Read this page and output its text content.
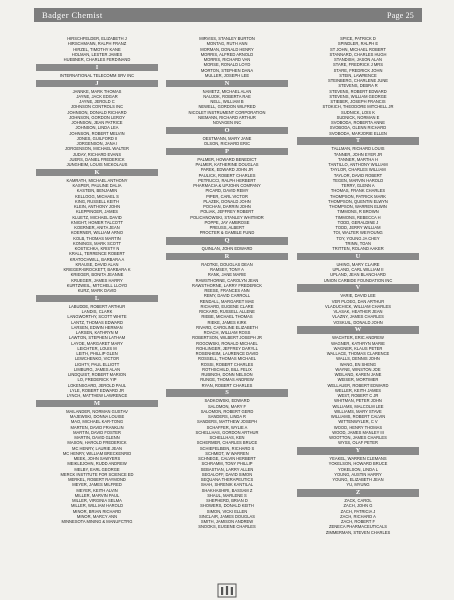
Badger Chemist	Page 25
HIRSCHFELDER, ELIZABETH J
HIRSCHMANN, RALPH FRANZ
HIRZEL, TIMOTHY KANE
HOLMAN, LESTER JAMES
HUEBNER, CHARLES FERDINAND
I
INTERNATIONAL TELECOMM SRV INC
J
JANNKE, MARK THOMAS
JAYNE, JACK EDGAR
JAYNE, JEROLD C
JOHNSON CONTROLS INC
JOHNSON, DONALD RICHARD
JOHNSON, GORDON LEROY
JOHNSON, JEAN PATRICE
JOHNSON, LINDA LEA
JOHNSON, ROBERT MELVIN
JONES, GUILFORD II
JORGENSON, JANA I
JORGENSON, MICHAEL WALTER
JUDAY, RICHARD EVANS
JUERS, DANIEL FREDERICK
JUNGHEIM, LOUIS NICKOLAUS
K
KAMRATH, MICHAEL ANTHONY
KASPER, PAULINE DALIA
KASTEIN, BENJAMIN
KELLOGG, MICHAEL S
KING, RUSSELL KEITH
KLEIN, ANTHONY JOHN
KLEPPINGER, JAMES
KLUETZ, MICHAEL DAVID
KNIGHT, HOMER TALCOTT
KOERNER, ANITA JEAN
KOERNER, WILLIAM ARNO
KOLB, THOMAS MARTIN
KONINGS, MARK SCOTT
KOSTICHKA, KRISTY N
KRALL, TERRENCE ROBERT
KRATOCHWILL, BARBARA A
KRAUSE, DAVID ALAN
KRIEGER-BROCKETT, BARBARA K
KRIEGER, BONITA JEANNE
KRUEGER, JAMES HARRY
KURTZWEIL, MITCHELL LLOYD
KURZ, MARK DAVID
L
LABUDDE, ROBERT ARTHUR
LANDIS, CLARK
LANGWORTHY, SCOTT WHITE
LANTZ, THOMAS EDWARD
LARSEN, EDWIN HERMAN
LARSEN, KATHRYN M
LAWTON, STEPHEN LATHAM
LAYOE, MARGARET MARY
LEICHTER, LOUIS M
LEITH, PHILLIP GLEN
LEWCHENKO, VICTOR
LIGHTY, PAUL ELLIOTT
LIMBURG, JAMES ALAN
LINDQUIST, ROBERT MARION
LO, FREDERICK YIP
LOKENSGARD, JEROLD PAUL
LYLE, ROBERT EDWARD JR
LYNCH, MATTHEW LAWRENCE
M
MAILANDER, NORMAN GUSTAV
MAJEWSKI, DONNA LOUISE
MAO, MICHAEL KAR-TONG
MARTEN, DAVID FRANKLIN
MARTIN, DAVID FOSTER
MARTIN, DAVID GLENN
MASON, HAROLD FREDERICK
MC HENRY, LAURIE JEAN
MC HENRY, WILLIAM BRECKENRID
MEEK, JOHN SAWYERS
MEIKLEJOHN, RUDD ANDREW
MELBY, EARL GEORGE
MERCK INSTITUTE FOR SCIENCE ED
MERKEL, ROBERT RAYMOND
MEYER, JAMES MILFRED
MEYER, KEITH ALVIN
MILLER, MARVIN PAUL
MILLER, VIRGINIA SELMA
MILLER, WILLIAM HAROLD
MINOR, BRIAN RICHARD
MINOR, MARCY ANN
MINNESOTA MINING & MANUFCTRG
MIRVISS, STANLEY BURTON
MONTAG, RUTH ANN
MORMAN, DONALD HENRY
MORRIS, ALFRED ARNOLD
MORRIS, RICHARD VAN
MORSE, RONALD LOYD
MORTON, STEPHEN DANA
MULLER, JOSEPH LEE
N
NAMETZ, MICHAEL ALAN
NAUJOK, ROBERTA RAE
NELL, WILLIAM B
NEWELL, GORDON WILFRED
NICOLET INSTRUMENT CORPORATION
NIEMANN, RICHARD ARTHUR
NOVAGEN INC
O
OESTMANN, MARY JANE
OLSON, RICHARD ERIC
P
PALMER, HOWARD BENEDICT
PALMER, KATHERINE DOUGLAS
PAREK, EDWARD JOHN JR
PAULICK, ROBERT CHARLES
PETRUCCI, RALPH HERBERT
PHARMACIA & UPJOHN COMPANY
PICARD, DAVID REMY
PIPER, CARL VICTOR
PLAZEK, DONALD JOHN
POCHAN, DARRIN JOHN
POLIAK, JEFFREY ROBERT
POLICHNOWSKI, STANLEY WHITMOR
POPPE, JAY AMBROSE
PREUSS, ALBERT
PROCTER & GAMBLE FUND
Q
QUINLAN, JOHN EDWARD
R
RADTKE, DOUGLAS DEAN
RAMSEY, TONY A
RANK, JANE MARIE
RAWSTHORNE, CAROLYN JEAN
RAWSTHORNE, LARRY FREDERICK
REESE, FRANCES ANN
REMY, DAVID CARROLL
RENDALL, MARGARET MAE
RICHARD, EUGENE CLARE
RICKARD, RUSSELL ALLENE
RIEBE, MICHAEL THOMAS
RIEKE, JAMES KIRK
RIVARD, CAROLINE ELIZABETH
ROACH, WILLIAM ROSS
ROBERTSON, WILBERT JOSEPH JR
ROGOWSKI, RONALD MICHAEL
ROHLINGER, JEFFREY DARYLL
ROSENHEIM, LAURENCE DAVID
ROSSELL, THOMAS MICHAEL
ROSSI, ROBERT CHARLES
ROTHSCHILD, BILL FELIX
RUBINOH, DONN NELSON
RUNGE, THOMAS ANDREW
RYAN, ROBERT CHARLES
S
SADKOWSKI, EDWARD
SALOMON, MARY F
SALOMON, ROBERT GERD
SANDERS, LINDA R
SANDERS, MATTHEW JOSEPH
SCHAFFER, WYLIE A
SCHELLHAS, GORDON ARTHUR
SCHELLHAS, KEN
SCHERMER, CHARLES BRUCE
SCHIEFELBEIN, RICHARD S
SCHMIDT, W WARREN
SCHNEGE, CALVIN HERBERT
SCHRAMM, TONY PHILLIP
SEBASTIAN, LARRY ALLEN
SEGALOFF, DAVID SIMON
SEQUANA THERAPEUTICS
SHAH, SHRENIK KANTILAL
SHAKHASHIRI, BASSAM Z
SHAUL, MARLENE S
SHEPHERD, BRIAN D
SHOWERS, DONALD KEITH
SIMON, VICKI ELLEN
SINCLAIR, JAMES DOUGLAS
SMITH, JAMISON ANDREW
SNOOKS, EUGENE CHARLES
SPICE, PATRICK D
SPINDLER, RALPH E
ST JOHN, MICHAEL ROBERT
STANNARD, CHARLES HUGH
STANDISH, JASON ALAN
STARE, FREDRICK J MRS
STARE, FREDRICK JOHN
STEIN, LAWRENCE
STEINBERG, CHARLENE JUNE
STEVENS, DEBRA R
STEVENS, ROBERT EDWARD
STEVENS, WILLIAM GEORGE
STIEBER, JOSEPH FRANCIS
STOKICH, THEODORE MITCHELL JR
SUDNICK, LOIS K
SUDNICK, NORMAN E
SVOBODA, ROBERTA ANNE
SVOBODA, GLENN RICHARD
SVOBODA, MARJORIE ELLEN
T
TALLMAN, RICHARD LOUIS
TANNER, JOHN EYER JR
TANNER, MARTHA H
TANTILLO, ANTHONY WILLIAM
TAYLOR, CHARLES WILLIAM
TAYLOR, DAVID ROBERT
TEGEN, MARVIN HAROLD
TERRY, GLENN A
THOMAS, FRANK CHARLES
THOMPSON, PATRICK MARK
THOMPSON, QUENTIN ELWYN
THOMPSON, WARREN ELWIN
TIMMONS, R BROWN
TIMMONS, REBECCA H
TODD, GERALDINE J
TODD, JERRY WILLIAM
TOI, WALTER WEIYOUNG
TOY, YOUNG JA CHEY
TRINN, TOAN
TRITTEN, ROLAND AAKER
U
UHING, MARY CLAIRE
UPLAND, CARL WILLIAM II
UPLAND, JEAN BLANCHARD
UNION CARBIDE FOUNDATION INC
V
VARIE, DAVID LEE
VER PLOEG, DAN ARTHUR
VLADUCHICK, WILLIAM CHARLES
VLASAK, HEATHER JEAN
VLAZNY, JAMES CHARLES
VOSKUIL, DONALD JOHN
W
WACHTER, ERIC ANDREW
WAGNER, KATHRYN MARIE
WAGNER, KLAUS PETER
WALLACE, THOMAS CLARENCE
WALLS, DENNIS JOHN
WANG, EN SHENG
WAYNE, WINSTON JOE
WEILAND, KAREN JANE
WEISER, MORTIMER
WELLAUER, ROBERT EDWARD
WELLER, KEITH JAMES
WEST, ROBERT C JR
WHITMAN, PETER JOHN
WILLIAMS, MALCOLM LEE
WILLIAMS, MARY STAVE
WILLIAMS, ROBERT CALVIN
WITTENWYLER, C V
WOOD, HENRY THOMAS
WOOD, JAMES MANLEY III
WOOTTON, JAMES CHARLES
WYSS, OLAF PETER
Y
YEAKEL, WARREN CLEMANS
YOKELSON, HOWARD BRUCE
YOKELSON, LINDA L
YOUNG, AUSTIN HARRY
YOUNG, ELIZABETH JEAN
YU, MYUNG
Z
ZACK, CAROL
ZACH, JOHN G
ZACH, PATRICIA J
ZACH, RICHARD A
ZACH, ROBERT F
ZENECA PHARMACEUTICALS
ZIMMERMAN, STEVEN CHARLES
